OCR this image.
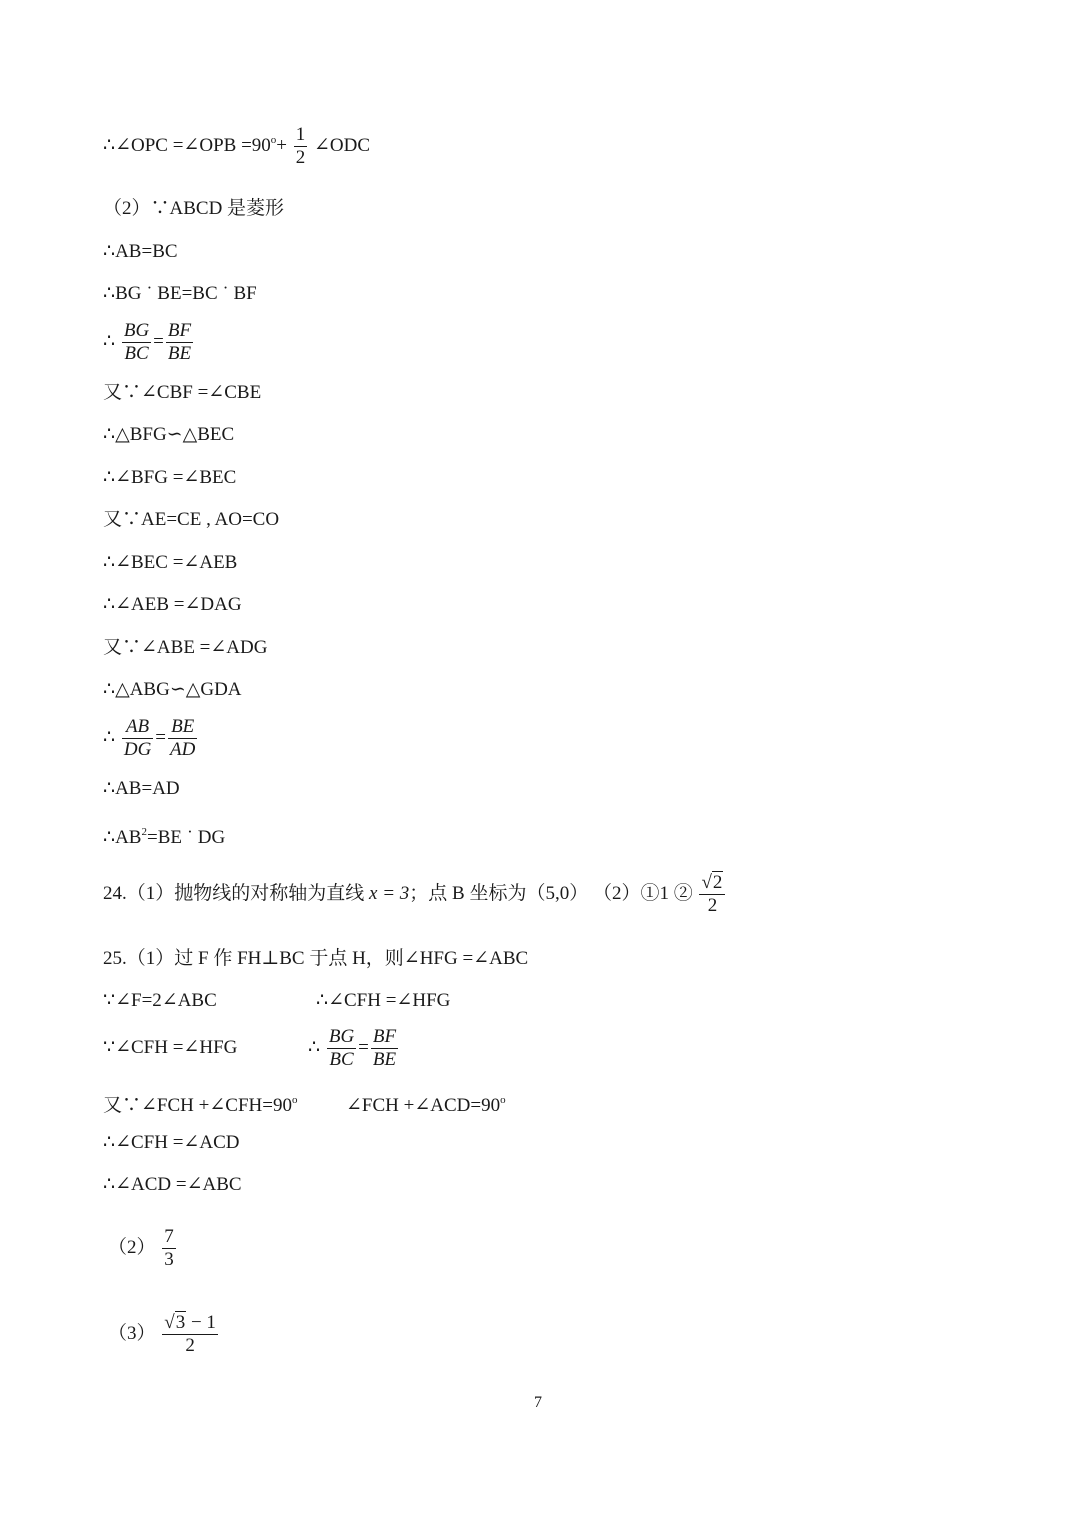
∴∠OPC =∠OPB $=90^o+ \frac{1}{2}$ ∠ODC
（2）∵ABCD 是菱形
∴AB=BC
∴BG ˙ BE=BC ˙ BF
∴ $\frac{BG}{BC} = \frac{BF}{BE}$
又∵∠CBF =∠CBE
∴△BFG∽△BEC
∴∠BFG =∠BEC
又∵AE=CE , AO=CO
∴∠BEC =∠AEB
∴∠AEB =∠DAG
又∵∠ABE =∠ADG
∴△ABG∽△GDA
∴ $\frac{AB}{DG} = \frac{BE}{AD}$
∴AB=AD
$\therefore AB^2=BE$ ˙ DG
24.（1）抛物线的对称轴为直线 x = 3；点 B 坐标为（5,0） （2）①1 ② $\frac{√2}{2}$
25.（1）过 F 作 FH⊥BC 于点 H，则∠HFG =∠ABC
∵∠F=2∠ABC	∴∠CFH =∠HFG
∵∠CFH =∠HFG	∴ $\frac{BG}{BC} = \frac{BF}{BE}$
又∵∠FCH $+\angle CFH=90^o$	∠FCH $+\angle ACD=90^o$
∴∠CFH =∠ACD
∴∠ACD =∠ABC
$(2) \frac{7}{3}$
$(3) \frac{√3 - 1}{2}$
7
